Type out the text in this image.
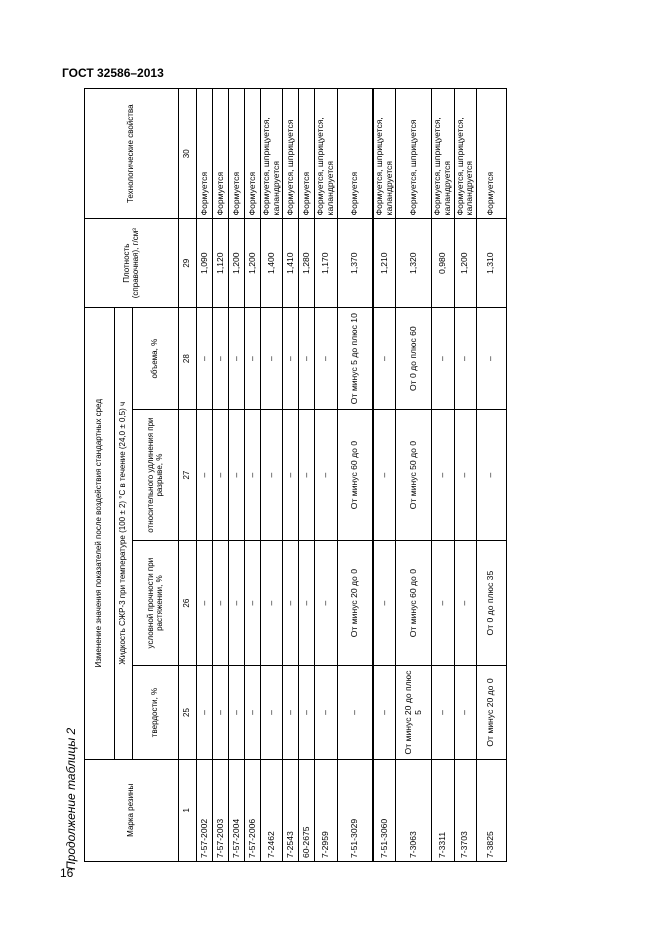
ГОСТ 32586–2013
16
Продолжение таблицы 2	Марка резины	Изменение значения показателей после воздействия стандартных сред				Плотность (справочная), г/см³	Технологические свойства
	Жидкость СЖР-3 при температуре (100 ± 2) °С в течение (24,0 ± 0,5) ч					
	твердости, %	условной прочности при растяжении, %	относительного удлинения при разрыве, %	объема, %		
1	25	26	27	28	29	30
7-57-2002	–	–	–	–	1,090	Формуется
7-57-2003	–	–	–	–	1,120	Формуется
7-57-2004	–	–	–	–	1,200	Формуется
7-57-2006	–	–	–	–	1,200	Формуется
7-2462	–	–	–	–	1,400	Формуется, шприцуется, каландруется
7-2543	–	–	–	–	1,410	Формуется, шприцуется
60-2675	–	–	–	–	1,280	Формуется
7-2959	–	–	–	–	1,170	Формуется, шприцуется, каландруется
7-51-3029	–	От минус 20 до 0	От минус 60 до 0	От минус 5 до плюс 10	1,370	Формуется
7-51-3060	–	–	–	–	1,210	Формуется, шприцуется, каландруется
7-3063	От минус 20 до плюс 5	От минус 60 до 0	От минус 50 до 0	От 0 до плюс 60	1,320	Формуется, шприцуется
7-3311	–	–	–	–	0,980	Формуется, шприцуется, каландруется
7-3703	–	–	–	–	1,200	Формуется, шприцуется, каландруется
7-3825	От минус 20 до 0	От 0 до плюс 35	–	–	1,310	Формуется
